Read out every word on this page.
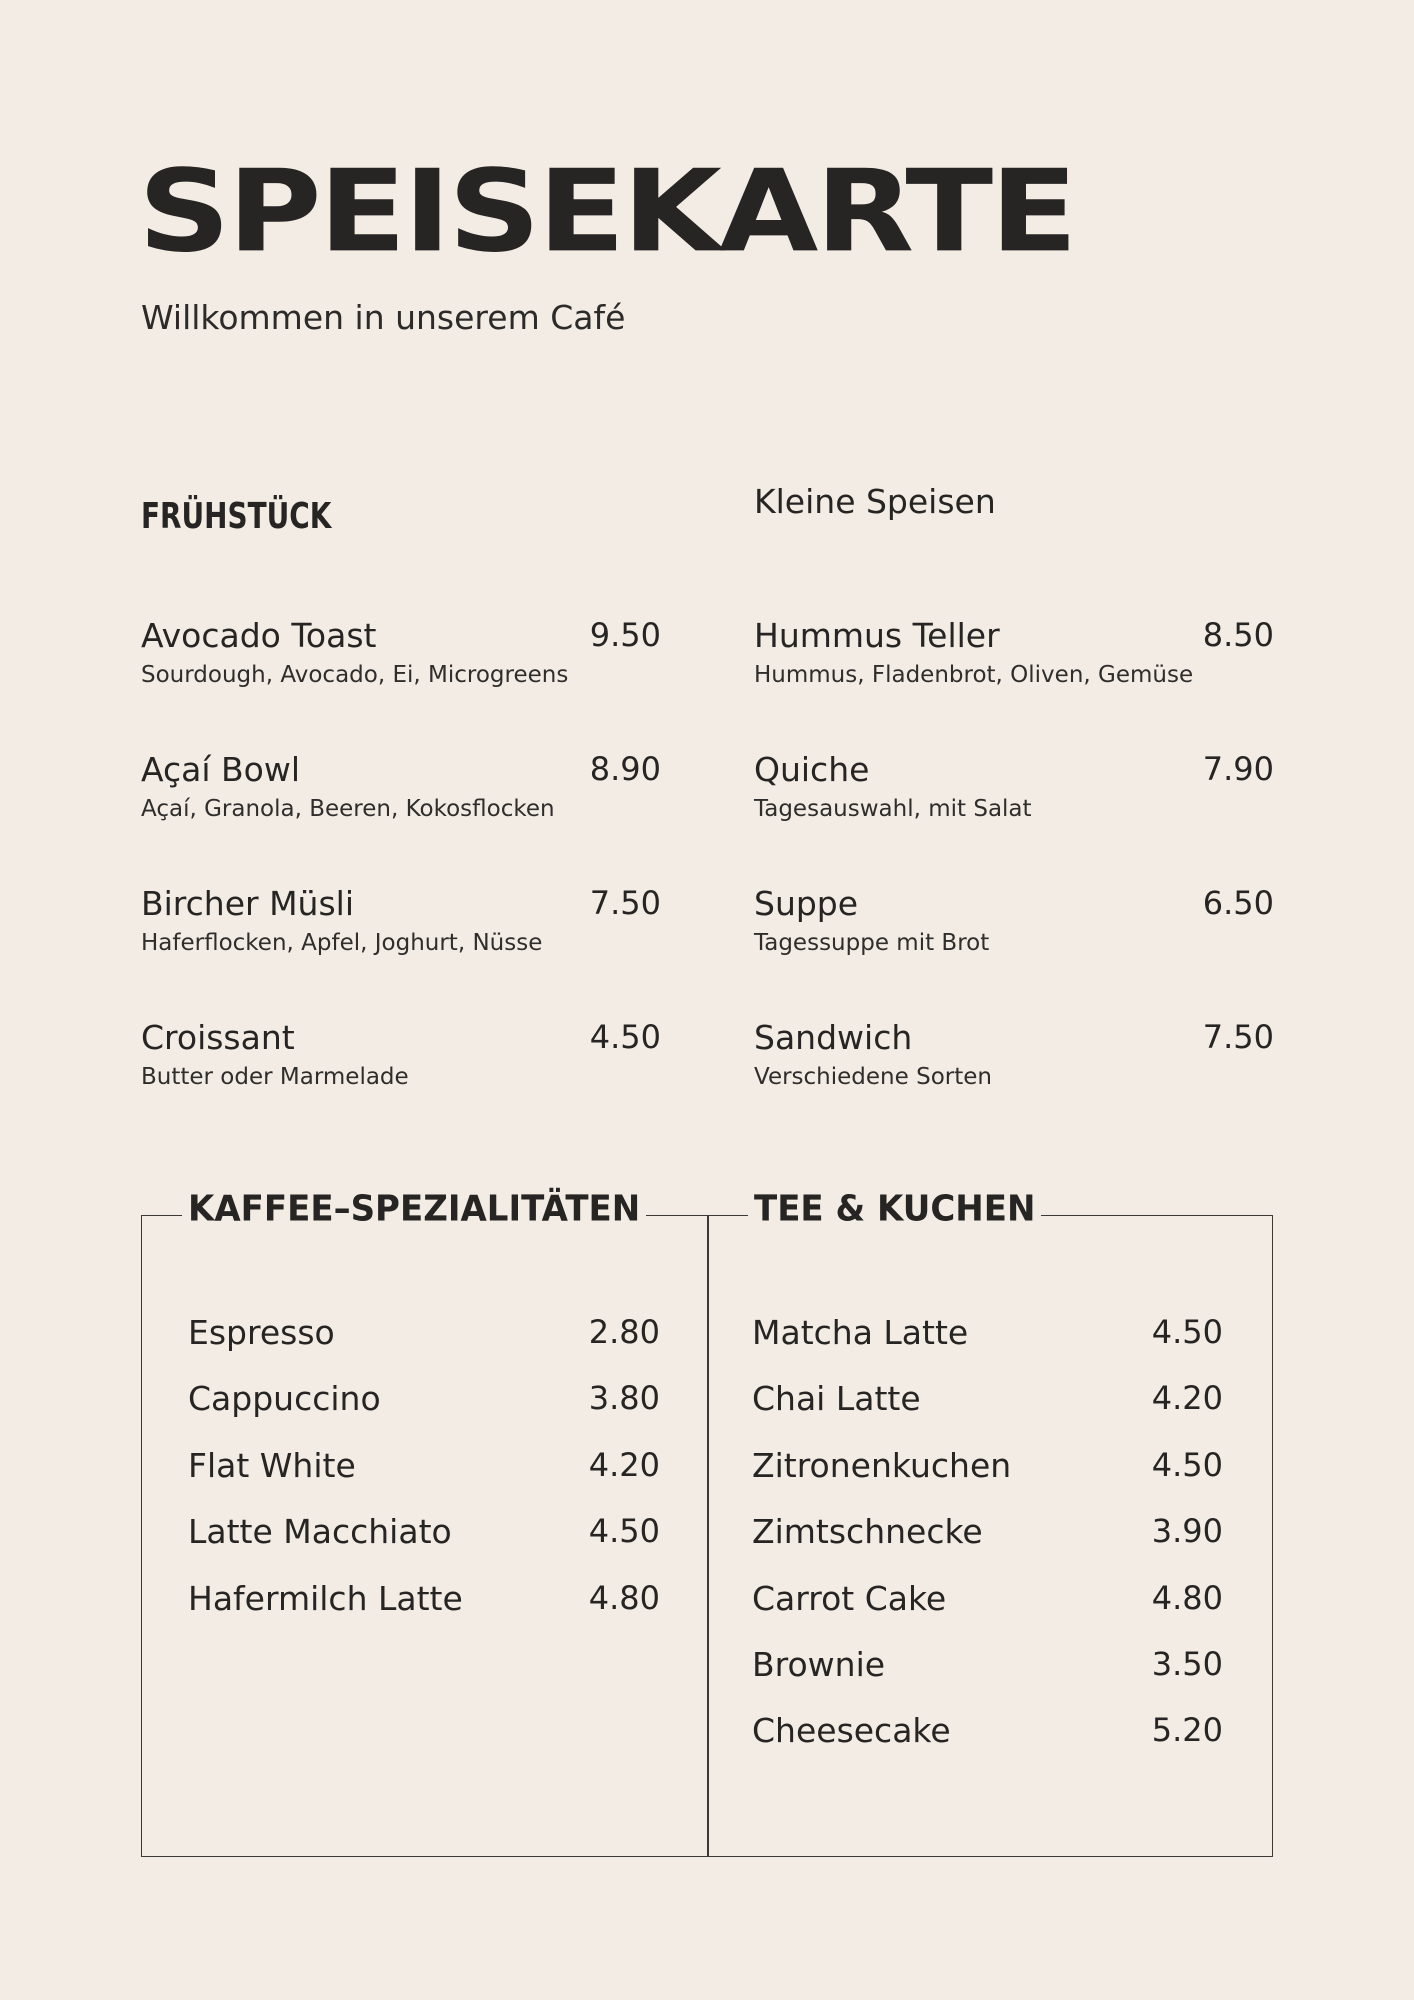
SPEISEKARTE
Willkommen in unserem Café
FRÜHSTÜCK
Avocado Toast	9.50
Sourdough, Avocado, Ei, Microgreens
Açaí Bowl	8.90
Açaí, Granola, Beeren, Kokosflocken
Bircher Müsli	7.50
Haferflocken, Apfel, Joghurt, Nüsse
Croissant	4.50
Butter oder Marmelade
Kleine Speisen
Hummus Teller	8.50
Hummus, Fladenbrot, Oliven, Gemüse
Quiche	7.90
Tagesauswahl, mit Salat
Suppe	6.50
Tagessuppe mit Brot
Sandwich	7.50
Verschiedene Sorten
KAFFEE–SPEZIALITÄTEN	TEE & KUCHEN
Espresso	2.80
Cappuccino	3.80
Flat White	4.20
Latte Macchiato	4.50
Hafermilch Latte	4.80
Matcha Latte	4.50
Chai Latte	4.20
Zitronenkuchen	4.50
Zimtschnecke	3.90
Carrot Cake	4.80
Brownie	3.50
Cheesecake	5.20
